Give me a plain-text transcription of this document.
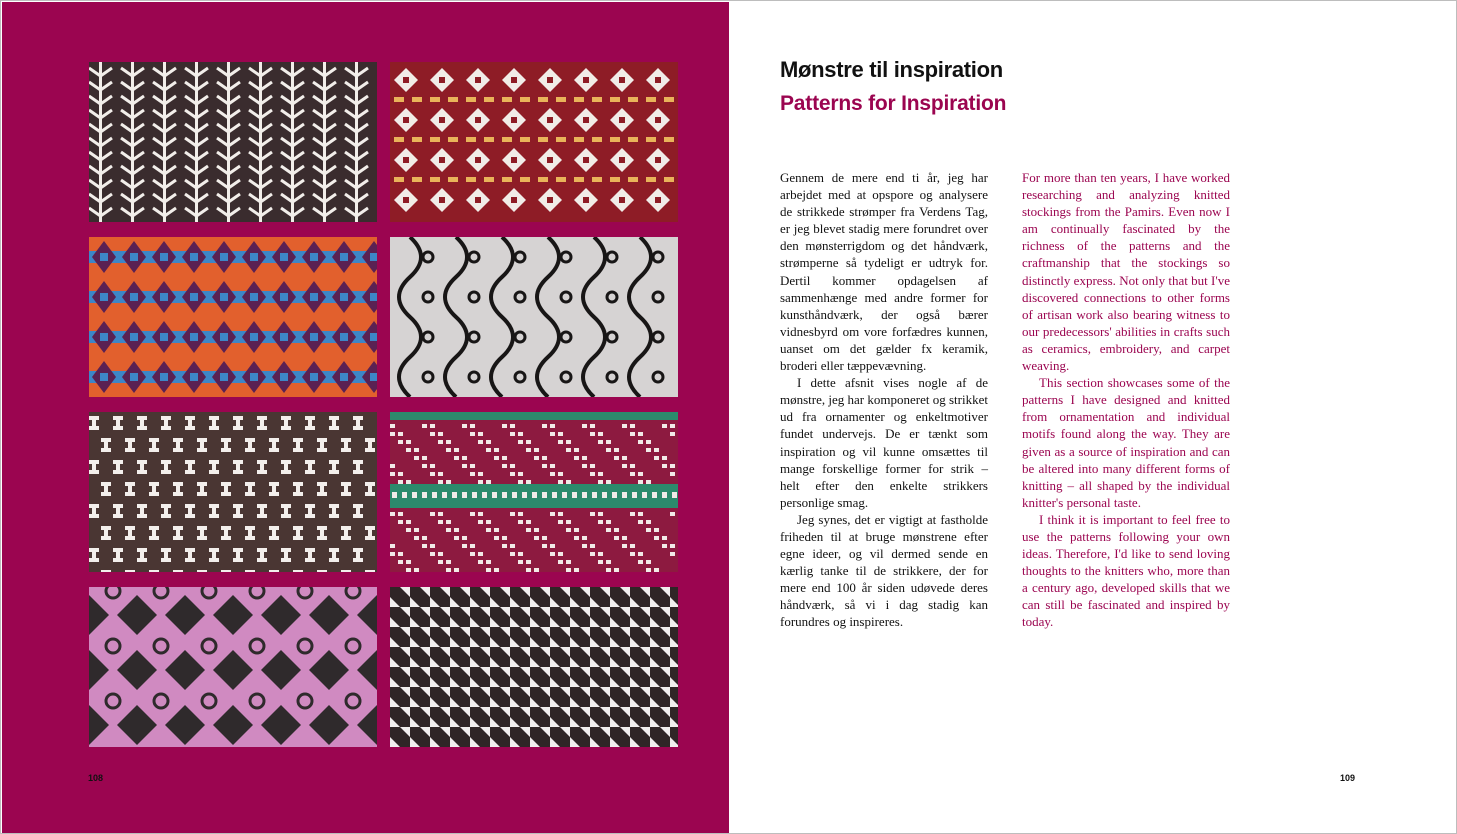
108
Mønstre til inspiration
Patterns for Inspiration

Gennem de mere end ti år, jeg har arbejdet med at opspore og analysere de strikkede strømper fra Verdens Tag, er jeg blevet stadig mere forundret over den mønsterrigdom og det håndværk, strømperne så tydeligt er udtryk for. Dertil kommer opdagelsen af sammenhænge med andre former for kunsthåndværk, der også bærer vidnesbyrd om vore forfædres kunnen, uanset om det gælder fx keramik, broderi eller tæppevævning.

I dette afsnit vises nogle af de mønstre, jeg har komponeret og strikket ud fra ornamenter og enkeltmotiver fundet undervejs. De er tænkt som inspiration og vil kunne omsættes til mange forskellige former for strik – helt efter den enkelte strikkers personlige smag.

Jeg synes, det er vigtigt at fastholde friheden til at bruge mønstrene efter egne ideer, og vil dermed sende en kærlig tanke til de strikkere, der for mere end 100 år siden udøvede deres håndværk, så vi i dag stadig kan forundres og inspireres.

For more than ten years, I have worked researching and analyzing knitted stockings from the Pamirs. Even now I am continually fascinated by the richness of the patterns and the craftmanship that the stockings so distinctly express. Not only that but I've discovered connections to other forms of artisan work also bearing witness to our predecessors' abilities in crafts such as ceramics, embroidery, and carpet weaving.

This section showcases some of the patterns I have designed and knitted from ornamentation and individual motifs found along the way. They are given as a source of inspiration and can be altered into many different forms of knitting – all shaped by the individual knitter's personal taste.

I think it is important to feel free to use the patterns following your own ideas. Therefore, I'd like to send loving thoughts to the knitters who, more than a century ago, developed skills that we can still be fascinated and inspired by today.

109
